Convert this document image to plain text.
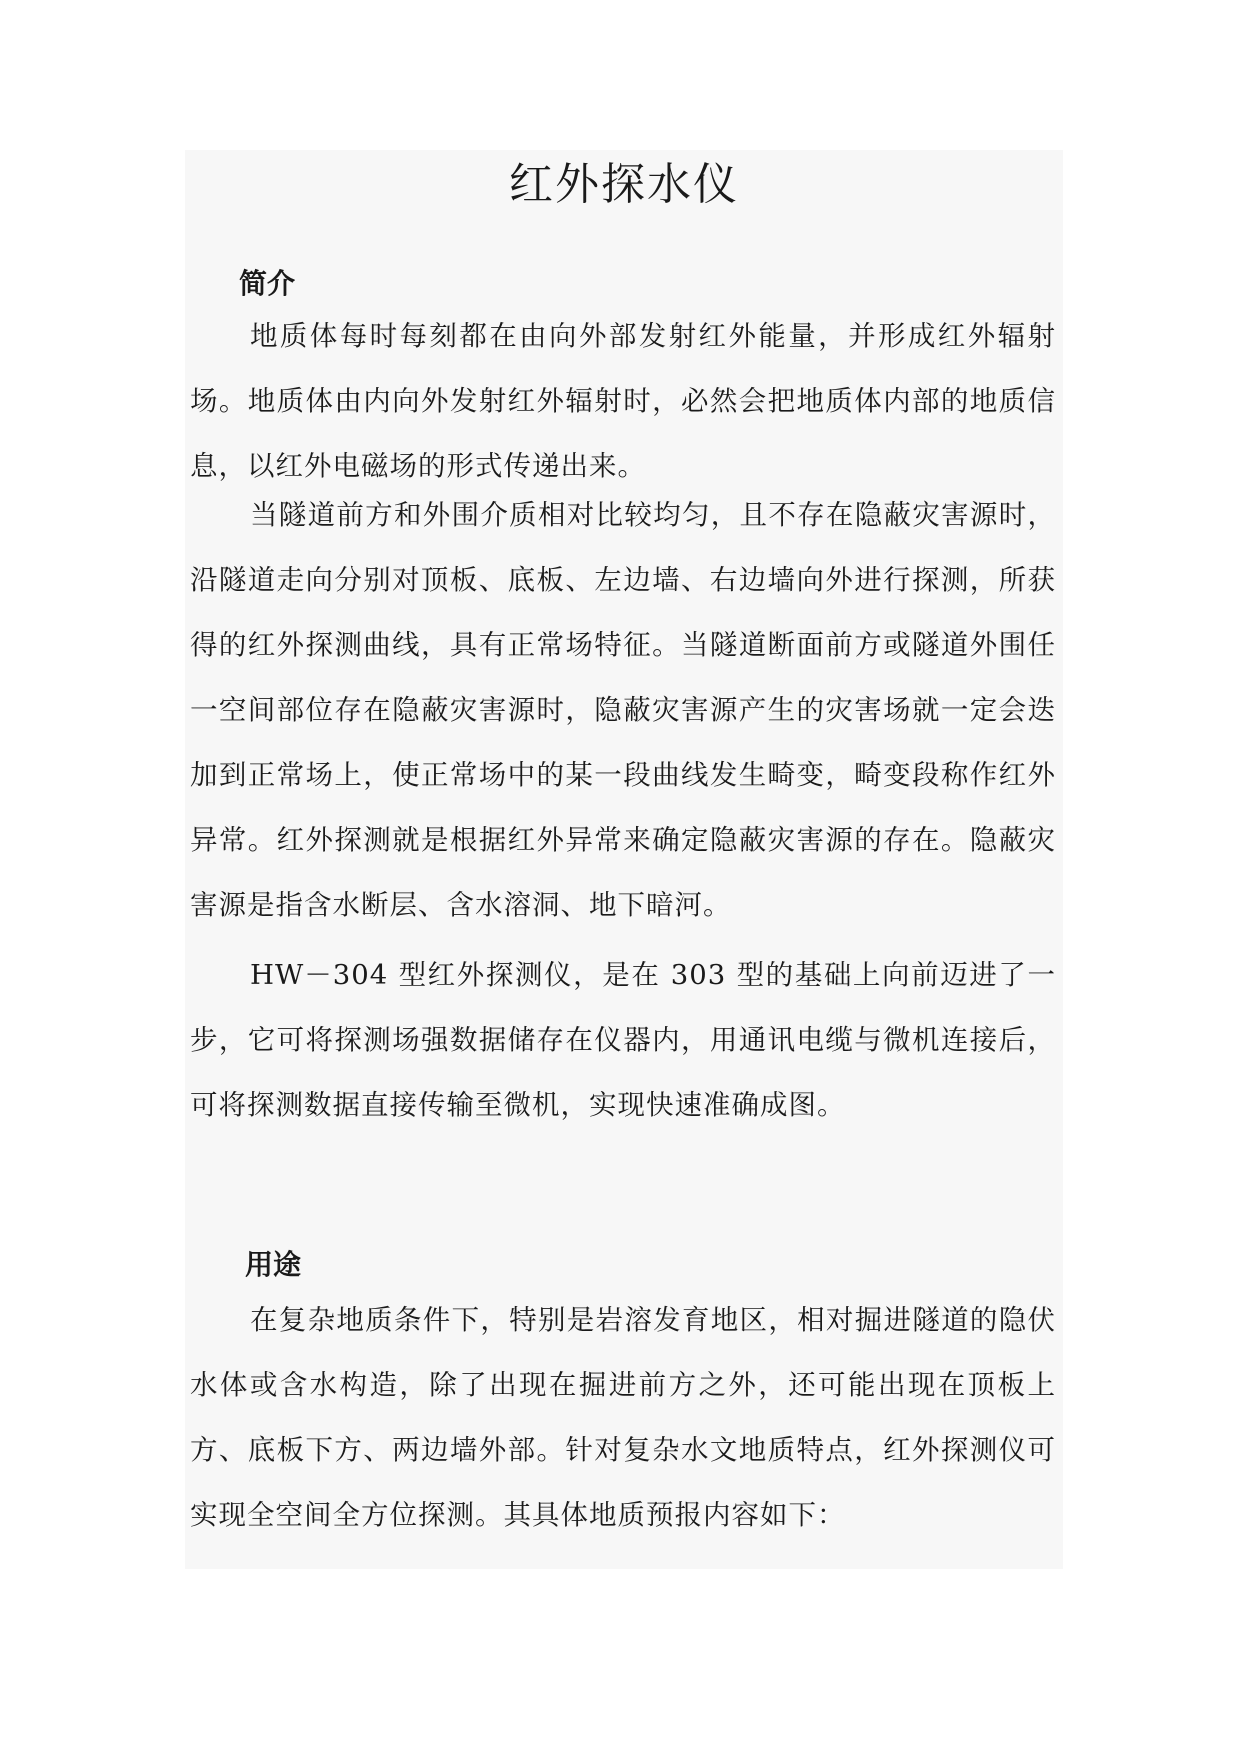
红外探水仪
简介

地质体每时每刻都在由向外部发射红外能量，并形成红外辐射场。地质体由内向外发射红外辐射时，必然会把地质体内部的地质信息，以红外电磁场的形式传递出来。

当隧道前方和外围介质相对比较均匀，且不存在隐蔽灾害源时，沿隧道走向分别对顶板、底板、左边墙、右边墙向外进行探测，所获得的红外探测曲线，具有正常场特征。当隧道断面前方或隧道外围任一空间部位存在隐蔽灾害源时，隐蔽灾害源产生的灾害场就一定会迭加到正常场上，使正常场中的某一段曲线发生畸变，畸变段称作红外异常。红外探测就是根据红外异常来确定隐蔽灾害源的存在。隐蔽灾害源是指含水断层、含水溶洞、地下暗河。

HW－304 型红外探测仪，是在 303 型的基础上向前迈进了一步，它可将探测场强数据储存在仪器内，用通讯电缆与微机连接后，可将探测数据直接传输至微机，实现快速准确成图。

用途

在复杂地质条件下，特别是岩溶发育地区，相对掘进隧道的隐伏水体或含水构造，除了出现在掘进前方之外，还可能出现在顶板上方、底板下方、两边墙外部。针对复杂水文地质特点，红外探测仪可实现全空间全方位探测。其具体地质预报内容如下：
